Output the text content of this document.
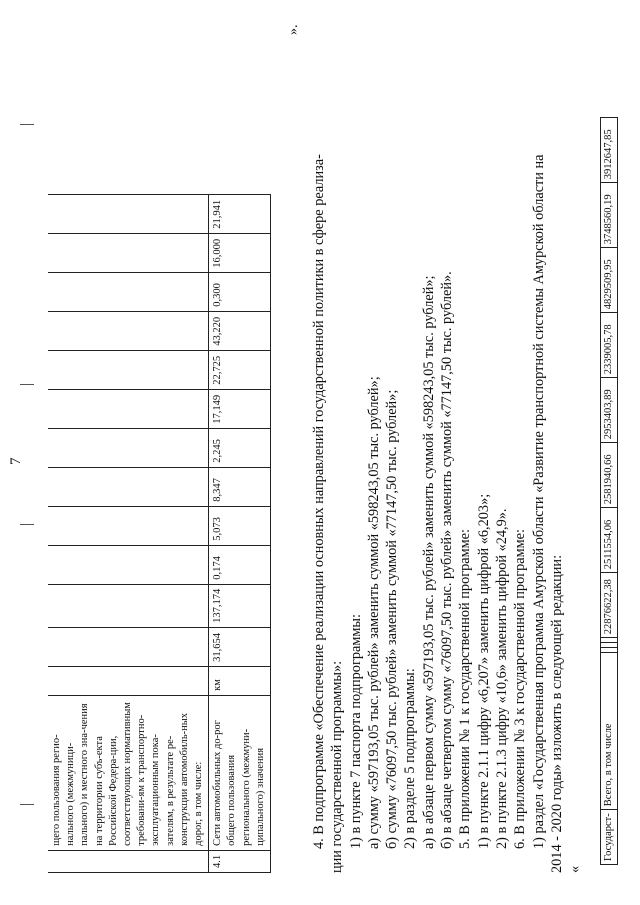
7
	щего пользования регио-нального (межмуници-пального) и местного зна-чения на территории субъ-екта Российской Федера-ции, соответствующих нормативным требовани-ям к транспортно-эксплуатационным пока-зателям, в результате ре-конструкции автомобиль-ных дорог, в том числе:													
4.1	Сети автомобильных до-рог общего пользования регионального (межмуни-ципального) значения	км	31,654	137,174	0,174	5,073	8,347	2,245	17,149	22,725	43,220	0,300	16,000	21,941
».

4. В подпрограмме «Обеспечение реализации основных направлений государственной политики в сфере реализа- ции государственной программы»: 1) в пункте 7 паспорта подпрограммы: а) сумму «597193,05 тыс. рублей» заменить суммой «598243,05 тыс. рублей»; б) сумму «76097,50 тыс. рублей» заменить суммой «77147,50 тыс. рублей»; 2) в разделе 5 подпрограммы: а) в абзаце первом сумму «597193,05 тыс. рублей» заменить суммой «598243,05 тыс. рублей»; б) в абзаце четвертом сумму «76097,50 тыс. рублей» заменить суммой «77147,50 тыс. рублей». 5. В приложении № 1 к государственной программе: 1) в пункте 2.1.1 цифру «6,207» заменить цифрой «6,203»; 2) в пункте 2.1.3 цифру «10,6» заменить цифрой «24,9». 6. В приложении № 3 к государственной программе: 1) раздел «Государственная программа Амурской области «Развитие транспортной системы Амурской области на 2014 - 2020 годы» изложить в следующей редакции: «

Государст-	Всего, в том числе				22876622,38	2511554,06	2581940,66	2953403,89	2339005,78	4829509,95	3748560,19	3912647,85
